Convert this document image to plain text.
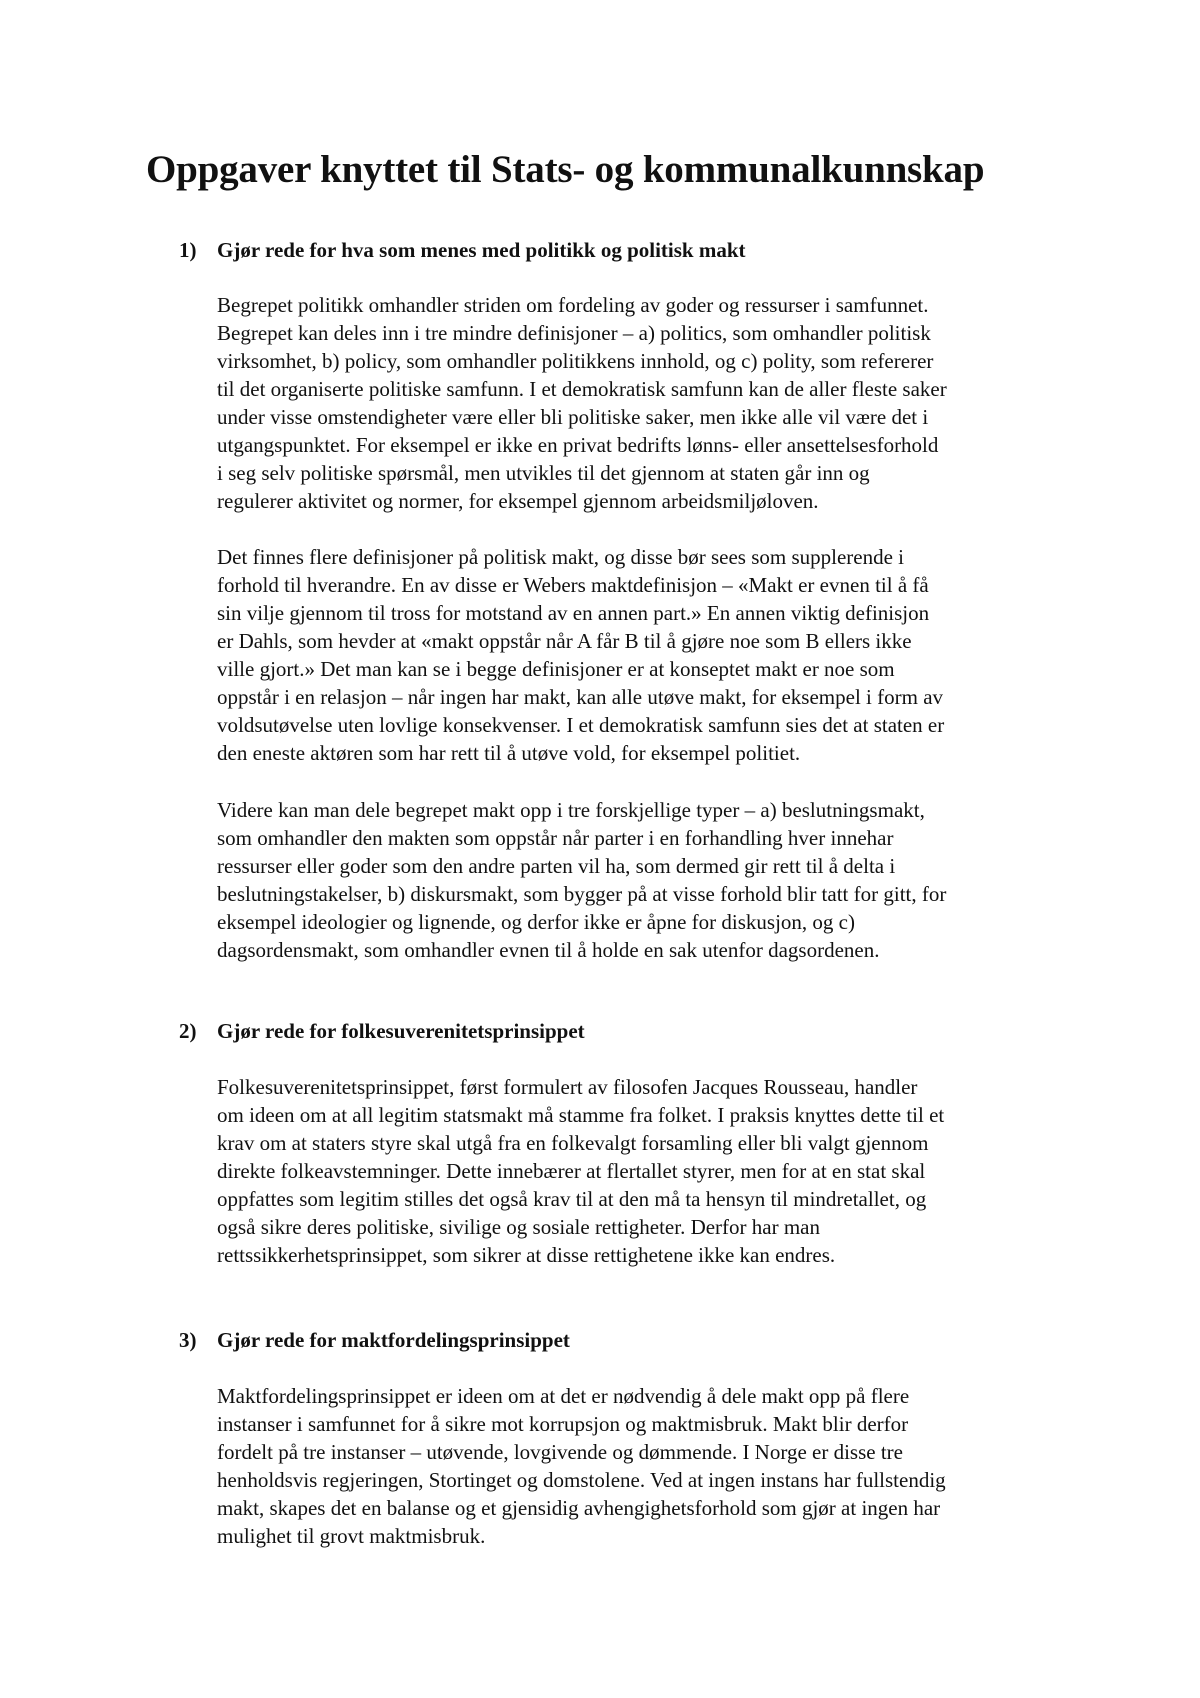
Oppgaver knyttet til Stats- og kommunalkunnskap
1) Gjør rede for hva som menes med politikk og politisk makt
Begrepet politikk omhandler striden om fordeling av goder og ressurser i samfunnet.
Begrepet kan deles inn i tre mindre definisjoner – a) politics, som omhandler politisk
virksomhet, b) policy, som omhandler politikkens innhold, og c) polity, som refererer
til det organiserte politiske samfunn. I et demokratisk samfunn kan de aller fleste saker
under visse omstendigheter være eller bli politiske saker, men ikke alle vil være det i
utgangspunktet. For eksempel er ikke en privat bedrifts lønns- eller ansettelsesforhold
i seg selv politiske spørsmål, men utvikles til det gjennom at staten går inn og
regulerer aktivitet og normer, for eksempel gjennom arbeidsmiljøloven.
Det finnes flere definisjoner på politisk makt, og disse bør sees som supplerende i
forhold til hverandre. En av disse er Webers maktdefinisjon – «Makt er evnen til å få
sin vilje gjennom til tross for motstand av en annen part.» En annen viktig definisjon
er Dahls, som hevder at «makt oppstår når A får B til å gjøre noe som B ellers ikke
ville gjort.» Det man kan se i begge definisjoner er at konseptet makt er noe som
oppstår i en relasjon – når ingen har makt, kan alle utøve makt, for eksempel i form av
voldsutøvelse uten lovlige konsekvenser. I et demokratisk samfunn sies det at staten er
den eneste aktøren som har rett til å utøve vold, for eksempel politiet.
Videre kan man dele begrepet makt opp i tre forskjellige typer – a) beslutningsmakt,
som omhandler den makten som oppstår når parter i en forhandling hver innehar
ressurser eller goder som den andre parten vil ha, som dermed gir rett til å delta i
beslutningstakelser, b) diskursmakt, som bygger på at visse forhold blir tatt for gitt, for
eksempel ideologier og lignende, og derfor ikke er åpne for diskusjon, og c)
dagsordensmakt, som omhandler evnen til å holde en sak utenfor dagsordenen.
2) Gjør rede for folkesuverenitetsprinsippet
Folkesuverenitetsprinsippet, først formulert av filosofen Jacques Rousseau, handler
om ideen om at all legitim statsmakt må stamme fra folket. I praksis knyttes dette til et
krav om at staters styre skal utgå fra en folkevalgt forsamling eller bli valgt gjennom
direkte folkeavstemninger. Dette innebærer at flertallet styrer, men for at en stat skal
oppfattes som legitim stilles det også krav til at den må ta hensyn til mindretallet, og
også sikre deres politiske, sivilige og sosiale rettigheter. Derfor har man
rettssikkerhetsprinsippet, som sikrer at disse rettighetene ikke kan endres.
3) Gjør rede for maktfordelingsprinsippet
Maktfordelingsprinsippet er ideen om at det er nødvendig å dele makt opp på flere
instanser i samfunnet for å sikre mot korrupsjon og maktmisbruk. Makt blir derfor
fordelt på tre instanser – utøvende, lovgivende og dømmende. I Norge er disse tre
henholdsvis regjeringen, Stortinget og domstolene. Ved at ingen instans har fullstendig
makt, skapes det en balanse og et gjensidig avhengighetsforhold som gjør at ingen har
mulighet til grovt maktmisbruk.
